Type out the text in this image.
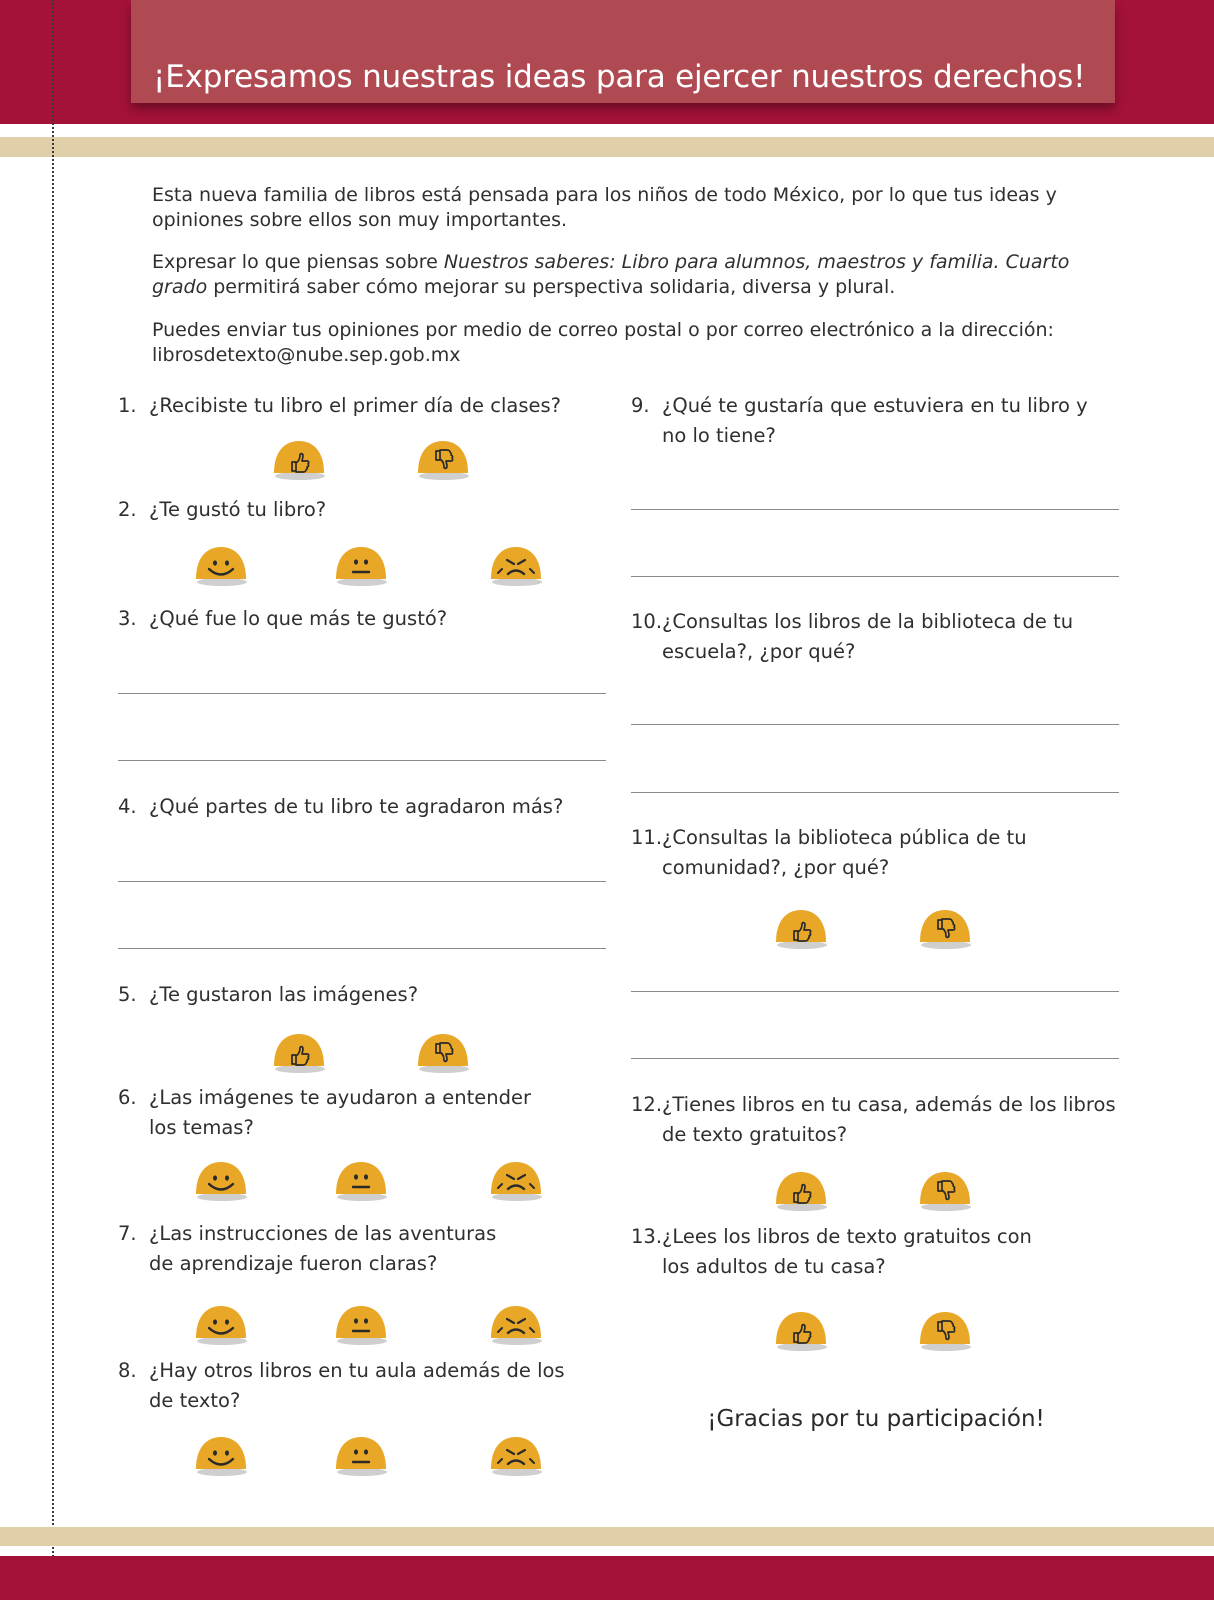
¡Expresamos nuestras ideas para ejercer nuestros derechos!
Esta nueva familia de libros está pensada para los niños de todo México, por lo que tus ideas y opiniones sobre ellos son muy importantes.
Expresar lo que piensas sobre Nuestros saberes: Libro para alumnos, maestros y familia. Cuarto grado permitirá saber cómo mejorar su perspectiva solidaria, diversa y plural.
Puedes enviar tus opiniones por medio de correo postal o por correo electrónico a la dirección:
librosdetexto@nube.sep.gob.mx
1. ¿Recibiste tu libro el primer día de clases?
2. ¿Te gustó tu libro?
3. ¿Qué fue lo que más te gustó?
4. ¿Qué partes de tu libro te agradaron más?
5. ¿Te gustaron las imágenes?
6. ¿Las imágenes te ayudaron a entender los temas?
7. ¿Las instrucciones de las aventuras de aprendizaje fueron claras?
8. ¿Hay otros libros en tu aula además de los de texto?
9. ¿Qué te gustaría que estuviera en tu libro y no lo tiene?
10. ¿Consultas los libros de la biblioteca de tu escuela?, ¿por qué?
11. ¿Consultas la biblioteca pública de tu comunidad?, ¿por qué?
12. ¿Tienes libros en tu casa, además de los libros de texto gratuitos?
13. ¿Lees los libros de texto gratuitos con los adultos de tu casa?
¡Gracias por tu participación!
